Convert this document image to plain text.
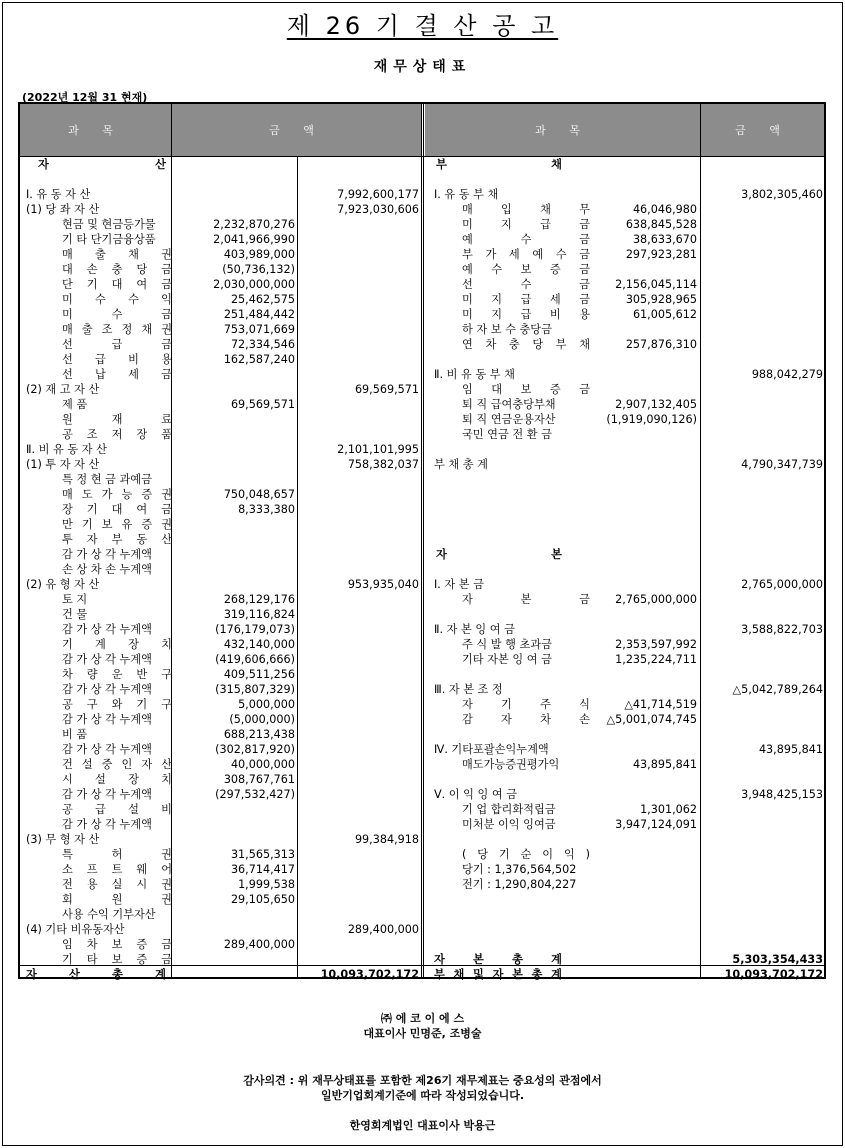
제 26 기 결 산 공 고
재무상태표
(2022년 12월 31 현재)
과 목	금 액	과 목	금 액
자 산
Ⅰ. 유 동 자 산	7,992,600,177
(1) 당 좌 자 산	7,923,030,606
현금 및 현금등가물	2,232,870,276
기 타 단기금융상품	2,041,966,990
매 출 채 권	403,989,000
대 손 충 당 금	(50,736,132)
단 기 대 여 금	2,030,000,000
미 수 수 익	25,462,575
미 수 금	251,484,442
매 출 조 정 채 권	753,071,669
선 급 금	72,334,546
선 급 비 용	162,587,240
선 납 세 금
(2) 재 고 자 산	69,569,571
제 품	69,569,571
원 재 료
공 조 저 장 품
Ⅱ. 비 유 동 자 산	2,101,101,995
(1) 투 자 자 산	758,382,037
특 정 현 금 과예금
매 도 가 능 증 권	750,048,657
장 기 대 여 금	8,333,380
만 기 보 유 증 권
투 자 부 동 산
감 가 상 각 누계액
손 상 차 손 누계액
(2) 유 형 자 산	953,935,040
토 지	268,129,176
건 물	319,116,824
감 가 상 각 누계액	(176,179,073)
기 계 장 치	432,140,000
감 가 상 각 누계액	(419,606,666)
차 량 운 반 구	409,511,256
감 가 상 각 누계액	(315,807,329)
공 구 와 기 구	5,000,000
감 가 상 각 누계액	(5,000,000)
비 품	688,213,438
감 가 상 각 누계액	(302,817,920)
건 설 중 인 자 산	40,000,000
시 설 장 치	308,767,761
감 가 상 각 누계액	(297,532,427)
공 급 설 비
감 가 상 각 누계액
(3) 무 형 자 산	99,384,918
특 허 권	31,565,313
소 프 트 웨 어	36,714,417
전 용 실 시 권	1,999,538
회 원 권	29,105,650
사용 수익 기부자산
(4) 기타 비유동자산	289,400,000
임 차 보 증 금	289,400,000
기 타 보 증 금
자 산 총 계	10,093,702,172
부 채
Ⅰ. 유 동 부 채	3,802,305,460
매 입 채 무	46,046,980
미 지 급 금	638,845,528
예 수 금	38,633,670
부 가 세 예 수 금	297,923,281
예 수 보 증 금
선 수 금 2,156,045,114
미 지 급 세 금	305,928,965
미 지 급 비 용	61,005,612
하 자 보 수 충당금
연 차 충 당 부 채	257,876,310
Ⅱ. 비 유 동 부 채	988,042,279
임 대 보 증 금
퇴 직 급여충당부채	2,907,132,405
퇴 직 연금운용자산	(1,919,090,126)
국민 연금 전 환 금
부 채 총 계	4,790,347,739
자 본
Ⅰ. 자 본 금	2,765,000,000
자 본 금 2,765,000,000
Ⅱ. 자 본 잉 여 금	3,588,822,703
주 식 발 행 초과금	2,353,597,992
기타 자본 잉 여 금	1,235,224,711
Ⅲ. 자 본 조 정	△5,042,789,264
자 기 주 식	△41,714,519
감 자 차 손 △5,001,074,745
Ⅳ. 기타포괄손익누계액	43,895,841
매도가능증권평가익	43,895,841
Ⅴ. 이 익 잉 여 금	3,948,425,153
기 업 합리화적립금	1,301,062
미처분 이익 잉여금	3,947,124,091
( 당 기 순 이 익 )
당기 : 1,376,564,502
전기 : 1,290,804,227
자 본 총 계	5,303,354,433
부 채 및 자 본 총 계	10,093,702,172
㈜ 에 코 이 에 스
대표이사 민명준, 조병술
감사의견 : 위 재무상태표를 포함한 제26기 재무제표는 중요성의 관점에서
일반기업회계기준에 따라 작성되었습니다.
한영회계법인 대표이사 박용근
